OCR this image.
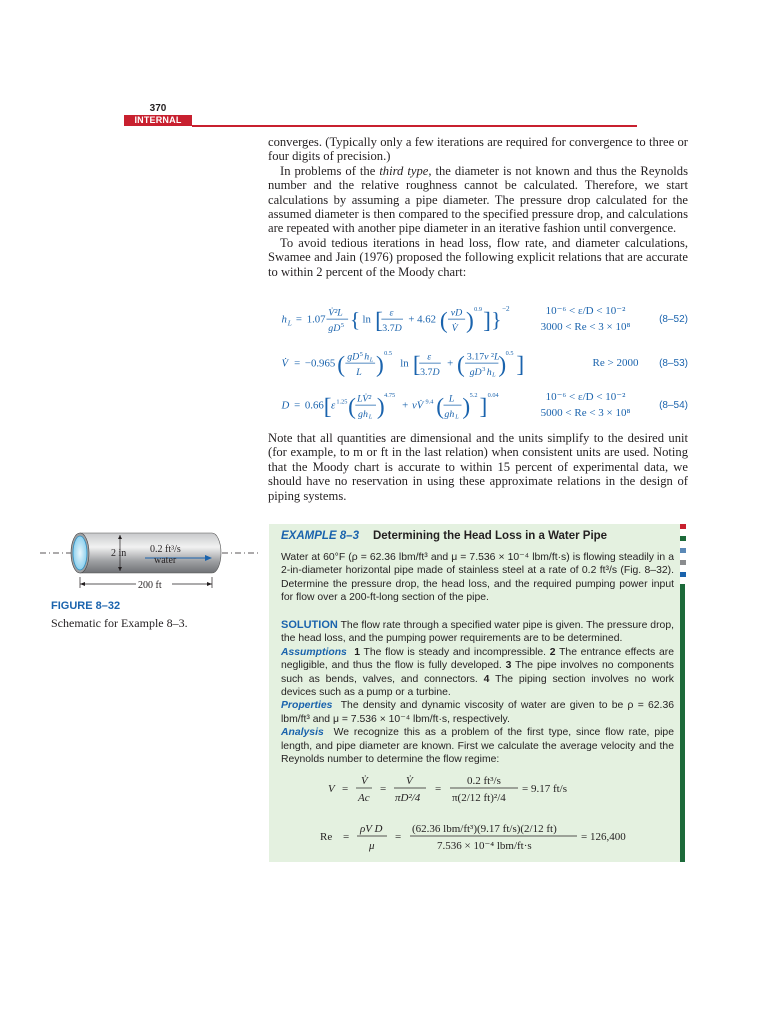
370
INTERNAL FLOW

converges. (Typically only a few iterations are required for convergence to three or four digits of precision.)

In problems of the third type, the diameter is not known and thus the Reynolds number and the relative roughness cannot be calculated. Therefore, we start calculations by assuming a pipe diameter. The pressure drop calculated for the assumed diameter is then compared to the specified pressure drop, and calculations are repeated with another pipe diameter in an iterative fashion until convergence.

To avoid tedious iterations in head loss, flow rate, and diameter calculations, Swamee and Jain (1976) proposed the following explicit relations that are accurate to within 2 percent of the Moody chart:

h L = 1.07
V̇²L
gD 5 { ln [ ε
3.7D
+ 4.62 ( νD
V̇ ) 0.9 ] } −2	10⁻⁶ < ε/D < 10⁻²
3000 < Re < 3 × 10⁸
(8–52)
V̇ = −0.965 ( gD 5 h L
L ) 0.5
ln [ ε
3.7D
+ ( 3.17ν ²L
gD 3 h L ) 0.5 ]	Re > 2000	(8–53)
D = 0.66 [ ε 1.25 ( LV̇²
gh L ) 4.75
+ νV̇ 9.4 ( L
gh L ) 5.2 ] 0.04	10⁻⁶ < ε/D < 10⁻²
5000 < Re < 3 × 10⁸
(8–54)

Note that all quantities are dimensional and the units simplify to the desired unit (for example, to m or ft in the last relation) when consistent units are used. Noting that the Moody chart is accurate to within 15 percent of experimental data, we should have no reservation in using these approximate relations in the design of piping systems.

2 in 0.2 ft³/s
water
200 ft
FIGURE 8–32
Schematic for Example 8–3.
EXAMPLE 8–3 Determining the Head Loss in a Water Pipe

Water at 60°F (ρ = 62.36 lbm/ft³ and μ = 7.536 × 10⁻⁴ lbm/ft·s) is flowing steadily in a 2-in-diameter horizontal pipe made of stainless steel at a rate of 0.2 ft³/s (Fig. 8–32). Determine the pressure drop, the head loss, and the required pumping power input for flow over a 200-ft-long section of the pipe.

SOLUTION The flow rate through a specified water pipe is given. The pressure drop, the head loss, and the pumping power requirements are to be determined.

Assumptions 1 The flow is steady and incompressible. 2 The entrance effects are negligible, and thus the flow is fully developed. 3 The pipe involves no components such as bends, valves, and connectors. 4 The piping section involves no work devices such as a pump or a turbine.

Properties The density and dynamic viscosity of water are given to be ρ = 62.36 lbm/ft³ and μ = 7.536 × 10⁻⁴ lbm/ft·s, respectively.

Analysis We recognize this as a problem of the first type, since flow rate, pipe length, and pipe diameter are known. First we calculate the average velocity and the Reynolds number to determine the flow regime:

V =
V̇
Ac
=
V̇
πD²/4
=
0.2 ft³/s
π(2/12 ft)²/4
= 9.17 ft/s
Re =
ρV D
μ
=
(62.36 lbm/ft³)(9.17 ft/s)(2/12 ft)
7.536 × 10⁻⁴ lbm/ft·s
= 126,400
